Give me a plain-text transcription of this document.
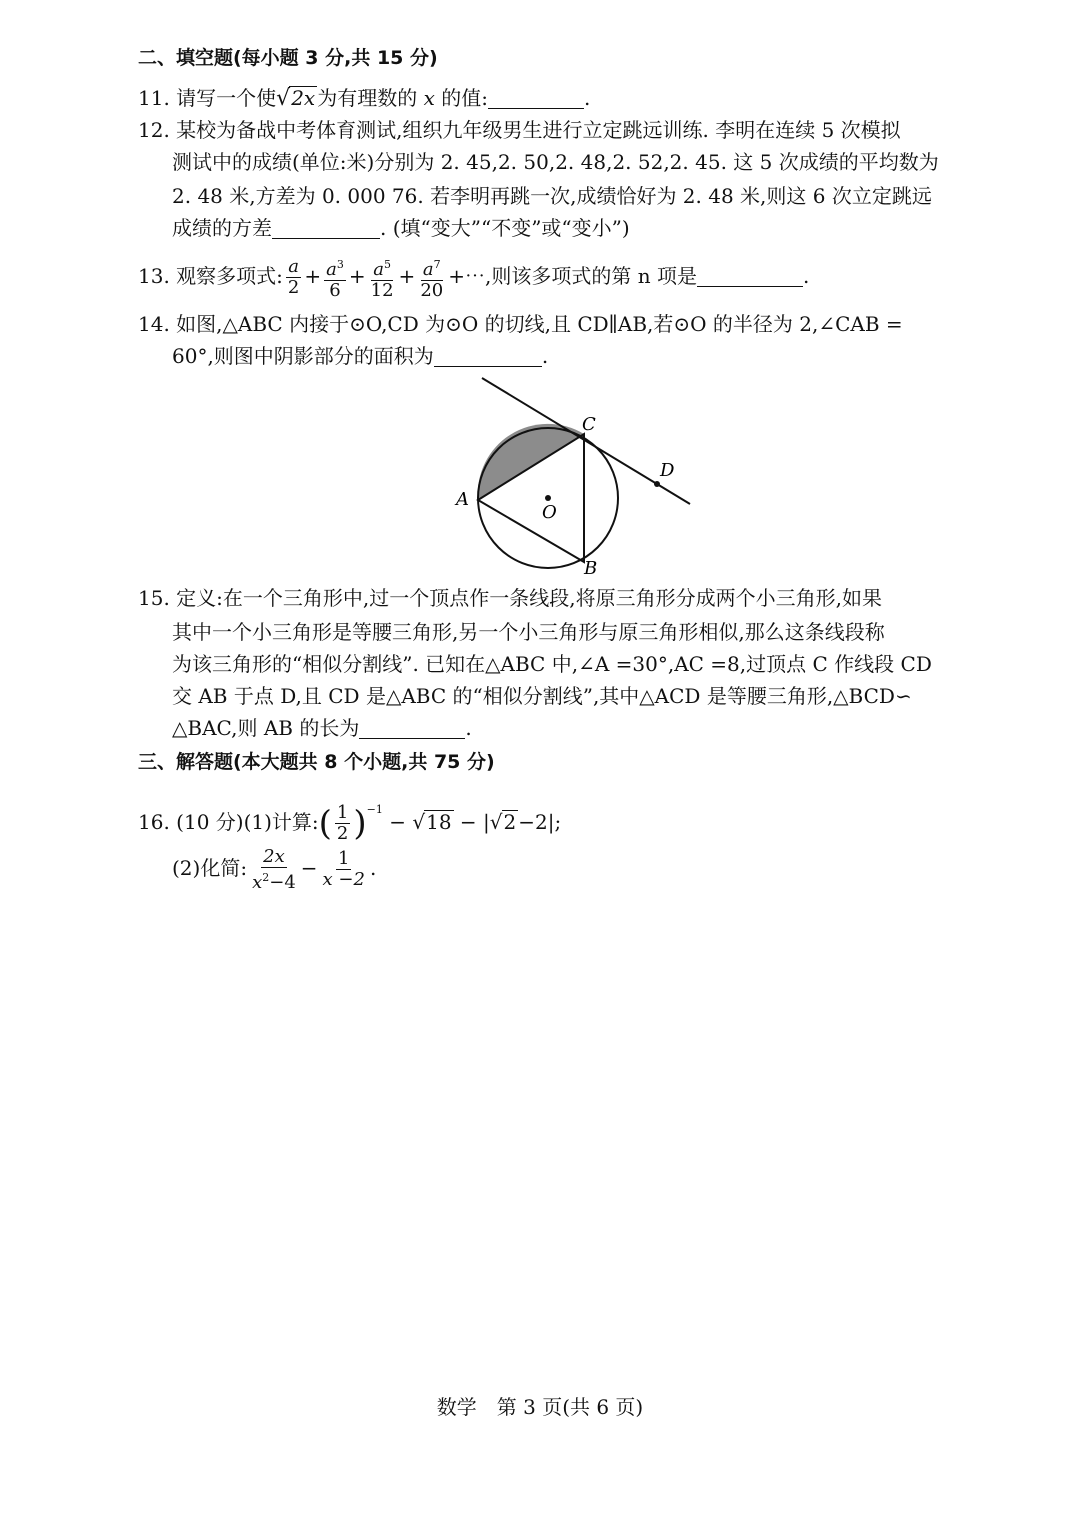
二、填空题(每小题 3 分,共 15 分)
11. 请写一个使√2x 为有理数的 x 的值:	.
12. 某校为备战中考体育测试,组织九年级男生进行立定跳远训练. 李明在连续 5 次模拟
测试中的成绩(单位:米)分别为 2. 45,2. 50,2. 48,2. 52,2. 45. 这 5 次成绩的平均数为
2. 48 米,方差为 0. 000 76. 若李明再跳一次,成绩恰好为 2. 48 米,则这 6 次立定跳远
成绩的方差	. (填“变大”“不变”或“变小”)
13. 观察多项式: $\frac{a}{2} + \frac{a^3}{6} + \frac{a^5}{12} + \frac{a^7}{20}$ +⋯,则该多项式的第 n 项是	.
14. 如图,△ABC 内接于⊙O,CD 为⊙O 的切线,且 CD∥AB,若⊙O 的半径为 2,∠CAB =
60°,则图中阴影部分的面积为	.
A
B
C
D
O
15. 定义:在一个三角形中,过一个顶点作一条线段,将原三角形分成两个小三角形,如果
其中一个小三角形是等腰三角形,另一个小三角形与原三角形相似,那么这条线段称
为该三角形的“相似分割线”. 已知在△ABC 中,∠A =30°,AC =8,过顶点 C 作线段 CD
交 AB 于点 D,且 CD 是△ABC 的“相似分割线”,其中△ACD 是等腰三角形,△BCD∽
△BAC,则 AB 的长为	.
三、解答题(本大题共 8 个小题,共 75 分)
16. (10 分)(1)计算:( $\frac{1}{2} )^{-1} - √18 - |√2 -2|$;
(2)化简: $\frac{2x}{x^2-4} - \frac{1}{x -2}$ .
数学　第 3 页(共 6 页)
